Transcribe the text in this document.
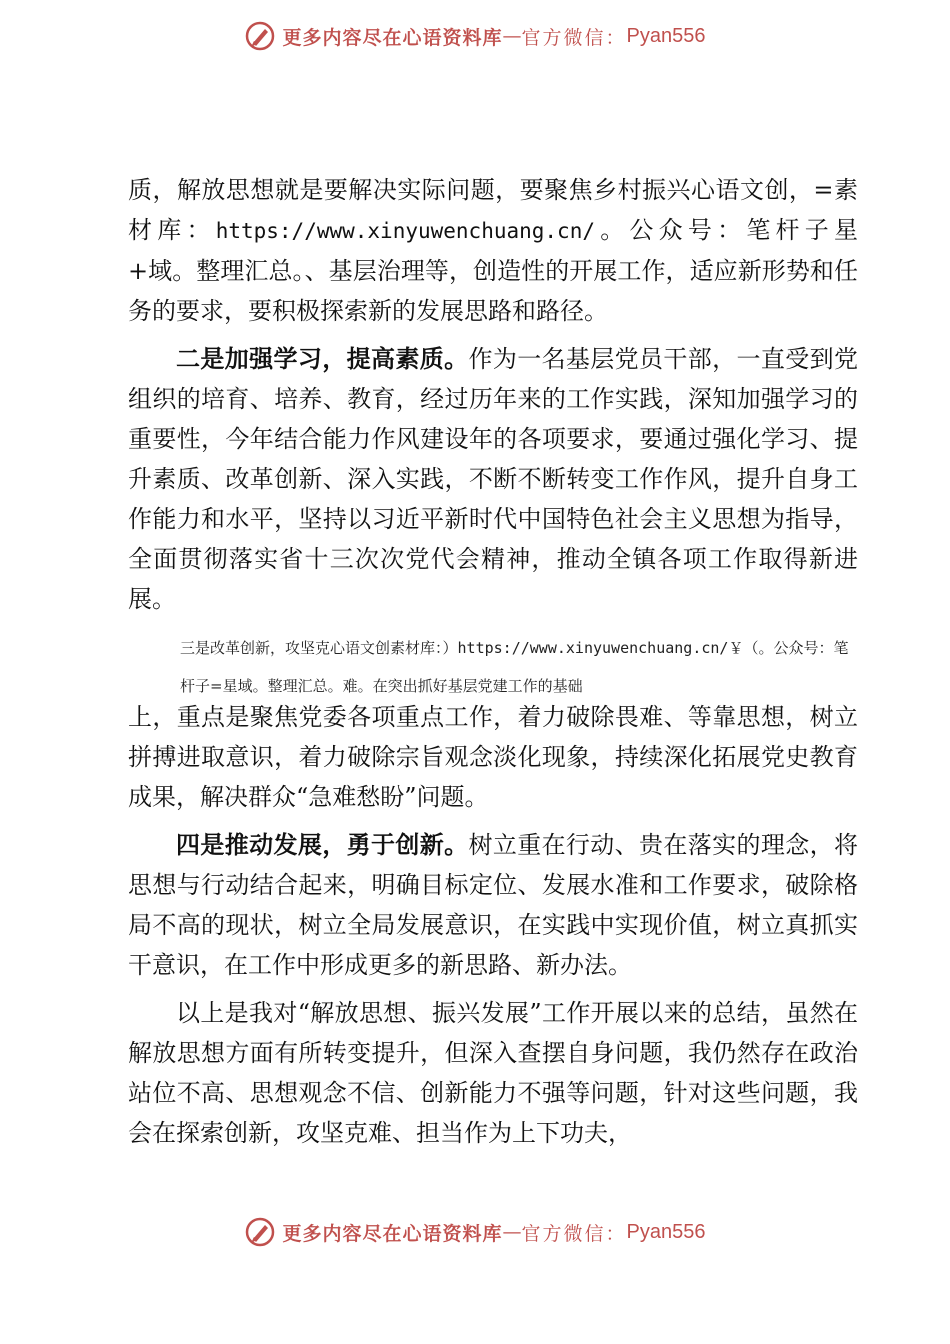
更多内容尽在心语资料库 — 官方微信： Pyan556

质，解放思想就是要解决实际问题，要聚焦乡村振兴心语文创，=素材库：https://www.xinyuwenchuang.cn/。公众号：笔杆子星+域。整理汇总。、基层治理等，创造性的开展工作，适应新形势和任务的要求，要积极探索新的发展思路和路径。

二是加强学习，提高素质。作为一名基层党员干部，一直受到党组织的培育、培养、教育，经过历年来的工作实践，深知加强学习的重要性，今年结合能力作风建设年的各项要求，要通过强化学习、提升素质、改革创新、深入实践，不断不断转变工作作风，提升自身工作能力和水平，坚持以习近平新时代中国特色社会主义思想为指导，全面贯彻落实省十三次次党代会精神，推动全镇各项工作取得新进展。

三是改革创新，攻坚克心语文创素材库：）https://www.xinyuwenchuang.cn/￥（。公众号：笔杆子=星域。整理汇总。难。在突出抓好基层党建工作的基础

上，重点是聚焦党委各项重点工作，着力破除畏难、等靠思想，树立拼搏进取意识，着力破除宗旨观念淡化现象，持续深化拓展党史教育成果，解决群众“急难愁盼”问题。

四是推动发展，勇于创新。树立重在行动、贵在落实的理念，将思想与行动结合起来，明确目标定位、发展水准和工作要求，破除格局不高的现状，树立全局发展意识，在实践中实现价值，树立真抓实干意识，在工作中形成更多的新思路、新办法。

以上是我对“解放思想、振兴发展”工作开展以来的总结，虽然在解放思想方面有所转变提升，但深入查摆自身问题，我仍然存在政治站位不高、思想观念不信、创新能力不强等问题，针对这些问题，我会在探索创新，攻坚克难、担当作为上下功夫，

更多内容尽在心语资料库 — 官方微信： Pyan556
